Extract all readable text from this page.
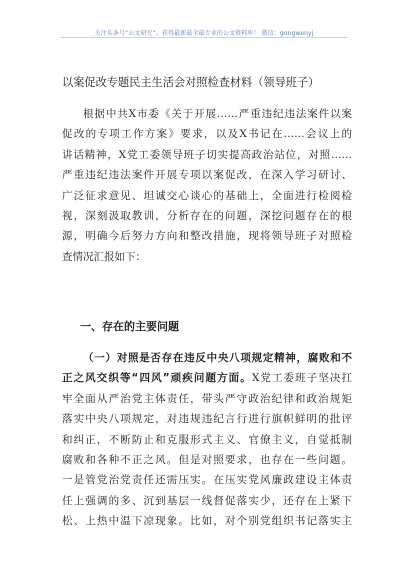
关注头条号“公文研究”，获得最新最全最专业的公文资料库！ 微信：gongwenyj
以案促改专题民主生活会对照检查材料（领导班子）
根据中共X市委《关于开展……严重违纪违法案件以案
促改的专项工作方案》要求，以及X书记在……会议上的
讲话精神，X党工委领导班子切实提高政治站位，对照……
严重违纪违法案件开展专项以案促改，在深入学习研讨、
广泛征求意见、坦诚交心谈心的基础上，全面进行检阅检
视，深刻汲取教训，分析存在的问题，深挖问题存在的根
源，明确今后努力方向和整改措施，现将领导班子对照检
查情况汇报如下：
一、存在的主要问题
（一）对照是否存在违反中央八项规定精神，腐败和不
正之风交织等“四风”顽疾问题方面。X党工委班子坚决扛
牢全面从严治党主体责任，带头严守政治纪律和政治规矩
落实中央八项规定，对违规违纪言行进行旗帜鲜明的批评
和纠正，不断防止和克服形式主义、官僚主义，自觉抵制
腐败和各种不正之风。但是对照要求，也存在一些问题。
一是管党治党责任还需压实。在压实党风廉政建设主体责
任上强调的多、沉到基层一线督促落实少，还存在上紧下
松、上热中温下凉现象。比如，对个别党组织书记落实主
